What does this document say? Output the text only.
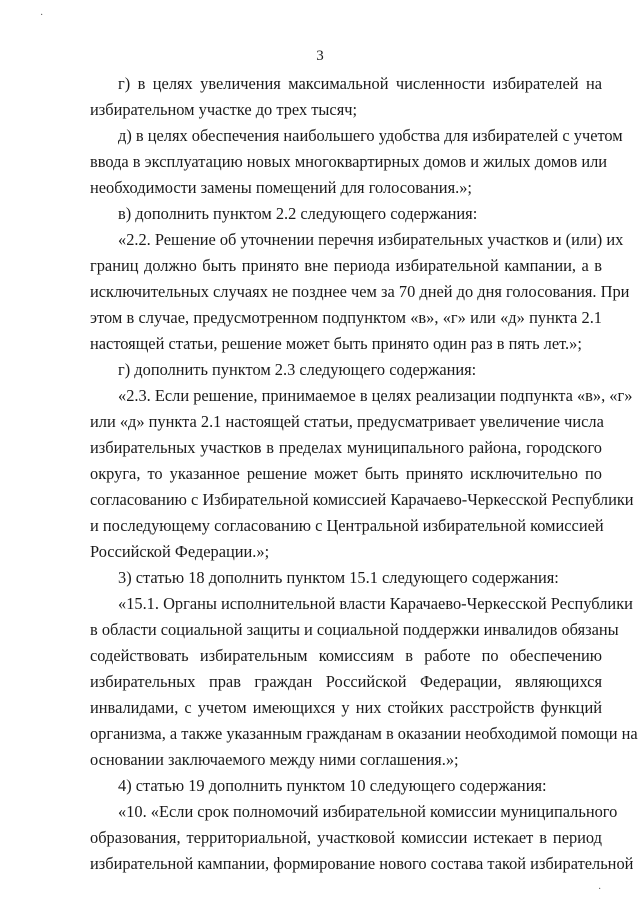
·
3
г) в целях увеличения максимальной численности избирателей на
избирательном участке до трех тысяч;
д) в целях обеспечения наибольшего удобства для избирателей с учетом
ввода в эксплуатацию новых многоквартирных домов и жилых домов или
необходимости замены помещений для голосования.»;
в) дополнить пунктом 2.2 следующего содержания:
«2.2. Решение об уточнении перечня избирательных участков и (или) их
границ должно быть принято вне периода избирательной кампании, а в
исключительных случаях не позднее чем за 70 дней до дня голосования. При
этом в случае, предусмотренном подпунктом «в», «г» или «д» пункта 2.1
настоящей статьи, решение может быть принято один раз в пять лет.»;
г) дополнить пунктом 2.3 следующего содержания:
«2.3. Если решение, принимаемое в целях реализации подпункта «в», «г»
или «д» пункта 2.1 настоящей статьи, предусматривает увеличение числа
избирательных участков в пределах муниципального района, городского
округа, то указанное решение может быть принято исключительно по
согласованию с Избирательной комиссией Карачаево-Черкесской Республики
и последующему согласованию с Центральной избирательной комиссией
Российской Федерации.»;
3) статью 18 дополнить пунктом 15.1 следующего содержания:
«15.1. Органы исполнительной власти Карачаево-Черкесской Республики
в области социальной защиты и социальной поддержки инвалидов обязаны
содействовать избирательным комиссиям в работе по обеспечению
избирательных прав граждан Российской Федерации, являющихся
инвалидами, с учетом имеющихся у них стойких расстройств функций
организма, а также указанным гражданам в оказании необходимой помощи на
основании заключаемого между ними соглашения.»;
4) статью 19 дополнить пунктом 10 следующего содержания:
«10. «Если срок полномочий избирательной комиссии муниципального
образования, территориальной, участковой комиссии истекает в период
избирательной кампании, формирование нового состава такой избирательной
·
